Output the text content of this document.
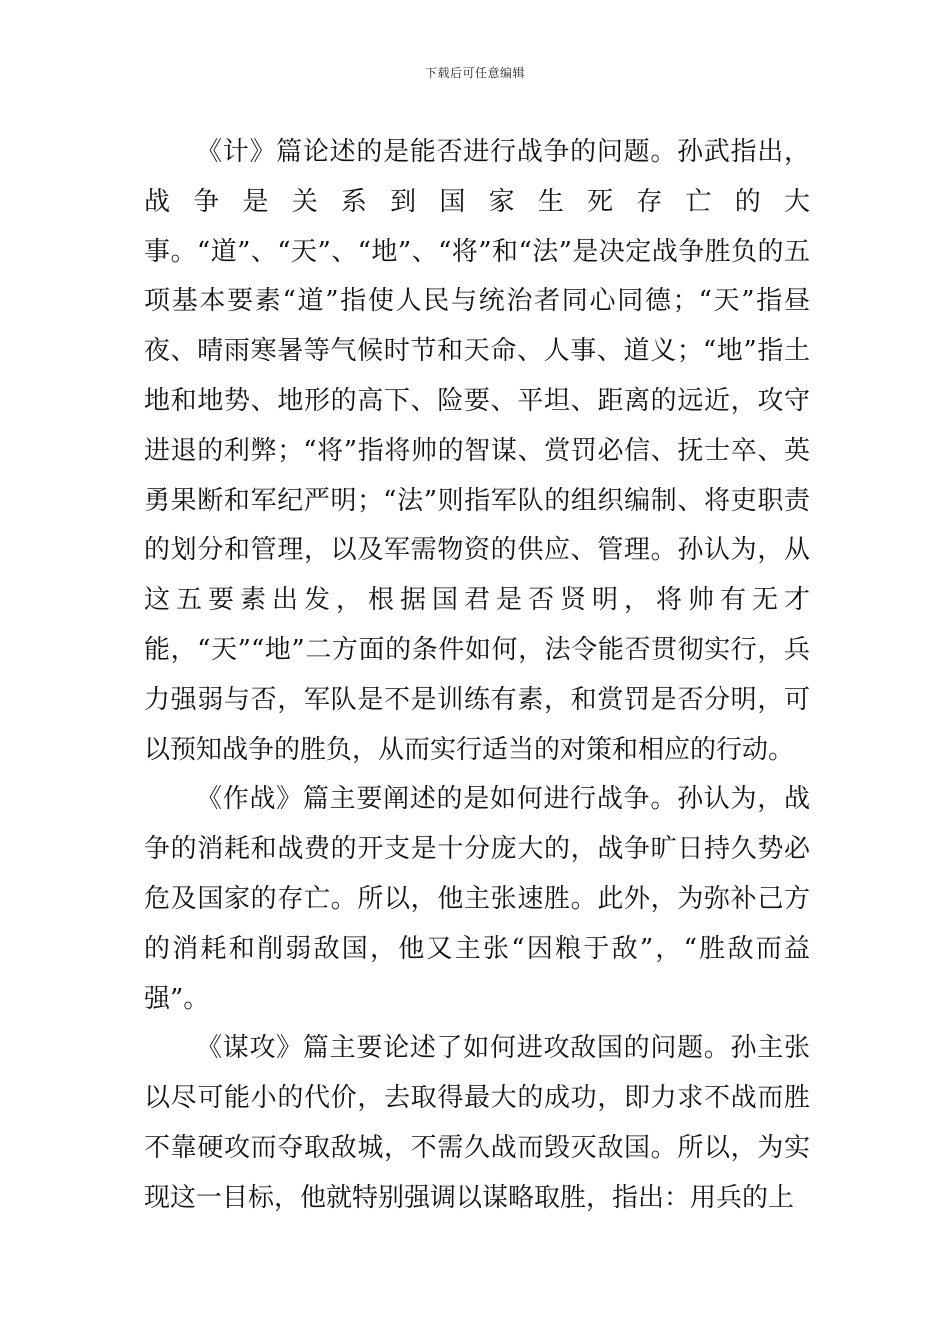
下载后可任意编辑

《计》篇论述的是能否进行战争的问题。孙武指出，战争是关系到国家生死存亡的大事。“道”、“天”、“地”、“将”和“法”是决定战争胜负的五项基本要素“道”指使人民与统治者同心同德；“天”指昼夜、晴雨寒暑等气候时节和天命、人事、道义；“地”指土地和地势、地形的高下、险要、平坦、距离的远近，攻守进退的利弊；“将”指将帅的智谋、赏罚必信、抚士卒、英勇果断和军纪严明；“法”则指军队的组织编制、将吏职责的划分和管理，以及军需物资的供应、管理。孙认为，从这五要素出发，根据国君是否贤明，将帅有无才能，“天”“地”二方面的条件如何，法令能否贯彻实行，兵力强弱与否，军队是不是训练有素，和赏罚是否分明，可以预知战争的胜负，从而实行适当的对策和相应的行动。

《作战》篇主要阐述的是如何进行战争。孙认为，战争的消耗和战费的开支是十分庞大的，战争旷日持久势必危及国家的存亡。所以，他主张速胜。此外，为弥补己方的消耗和削弱敌国，他又主张“因粮于敌”，“胜敌而益强”。

《谋攻》篇主要论述了如何进攻敌国的问题。孙主张以尽可能小的代价，去取得最大的成功，即力求不战而胜不靠硬攻而夺取敌城，不需久战而毁灭敌国。所以，为实现这一目标，他就特别强调以谋略取胜，指出：用兵的上
